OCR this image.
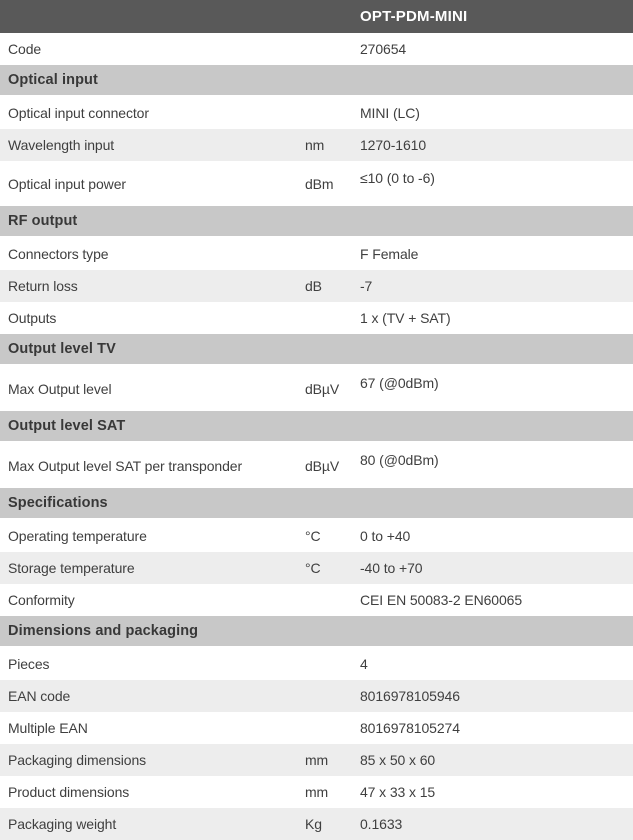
OPT-PDM-MINI
Code	270654
Optical input
Optical input connector	MINI (LC)
Wavelength input	nm	1270-1610
Optical input power	dBm	≤10 (0 to -6)
RF output
Connectors type	F Female
Return loss	dB	-7
Outputs	1 x (TV + SAT)
Output level TV
Max Output level	dBµV	67 (@0dBm)
Output level SAT
Max Output level SAT per transponder	dBµV	80 (@0dBm)
Specifications
Operating temperature	°C	0 to +40
Storage temperature	°C	-40 to +70
Conformity	CEI EN 50083-2 EN60065
Dimensions and packaging
Pieces	4
EAN code	8016978105946
Multiple EAN	8016978105274
Packaging dimensions	mm	85 x 50 x 60
Product dimensions	mm	47 x 33 x 15
Packaging weight	Kg	0.1633
